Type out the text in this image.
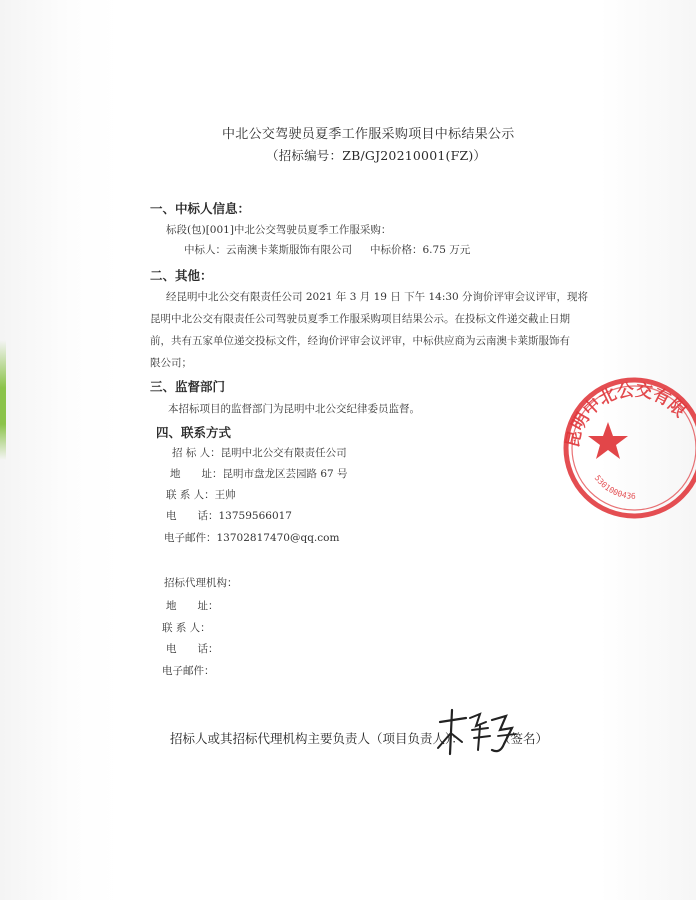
中北公交驾驶员夏季工作服采购项目中标结果公示
（招标编号：ZB/GJ20210001(FZ)）
一、中标人信息：
标段(包)[001]中北公交驾驶员夏季工作服采购：
中标人：云南澳卡莱斯服饰有限公司 中标价格：6.75 万元
二、其他：
经昆明中北公交有限责任公司 2021 年 3 月 19 日 下午 14:30 分询价评审会议评审，现将
昆明中北公交有限责任公司驾驶员夏季工作服采购项目结果公示。在投标文件递交截止日期
前，共有五家单位递交投标文件，经询价评审会议评审，中标供应商为云南澳卡莱斯服饰有
限公司；
三、监督部门
本招标项目的监督部门为昆明中北公交纪律委员监督。
四、联系方式
招 标 人：昆明中北公交有限责任公司
地　　址：昆明市盘龙区芸园路 67 号
联 系 人：王帅
电　　话：13759566017
电子邮件：13702817470@qq.com
招标代理机构：
地　　址：
联 系 人：
电　　话：
电子邮件：
招标人或其招标代理机构主要负责人（项目负责人）：	（签名）
昆明中北公交有限
5301000436
